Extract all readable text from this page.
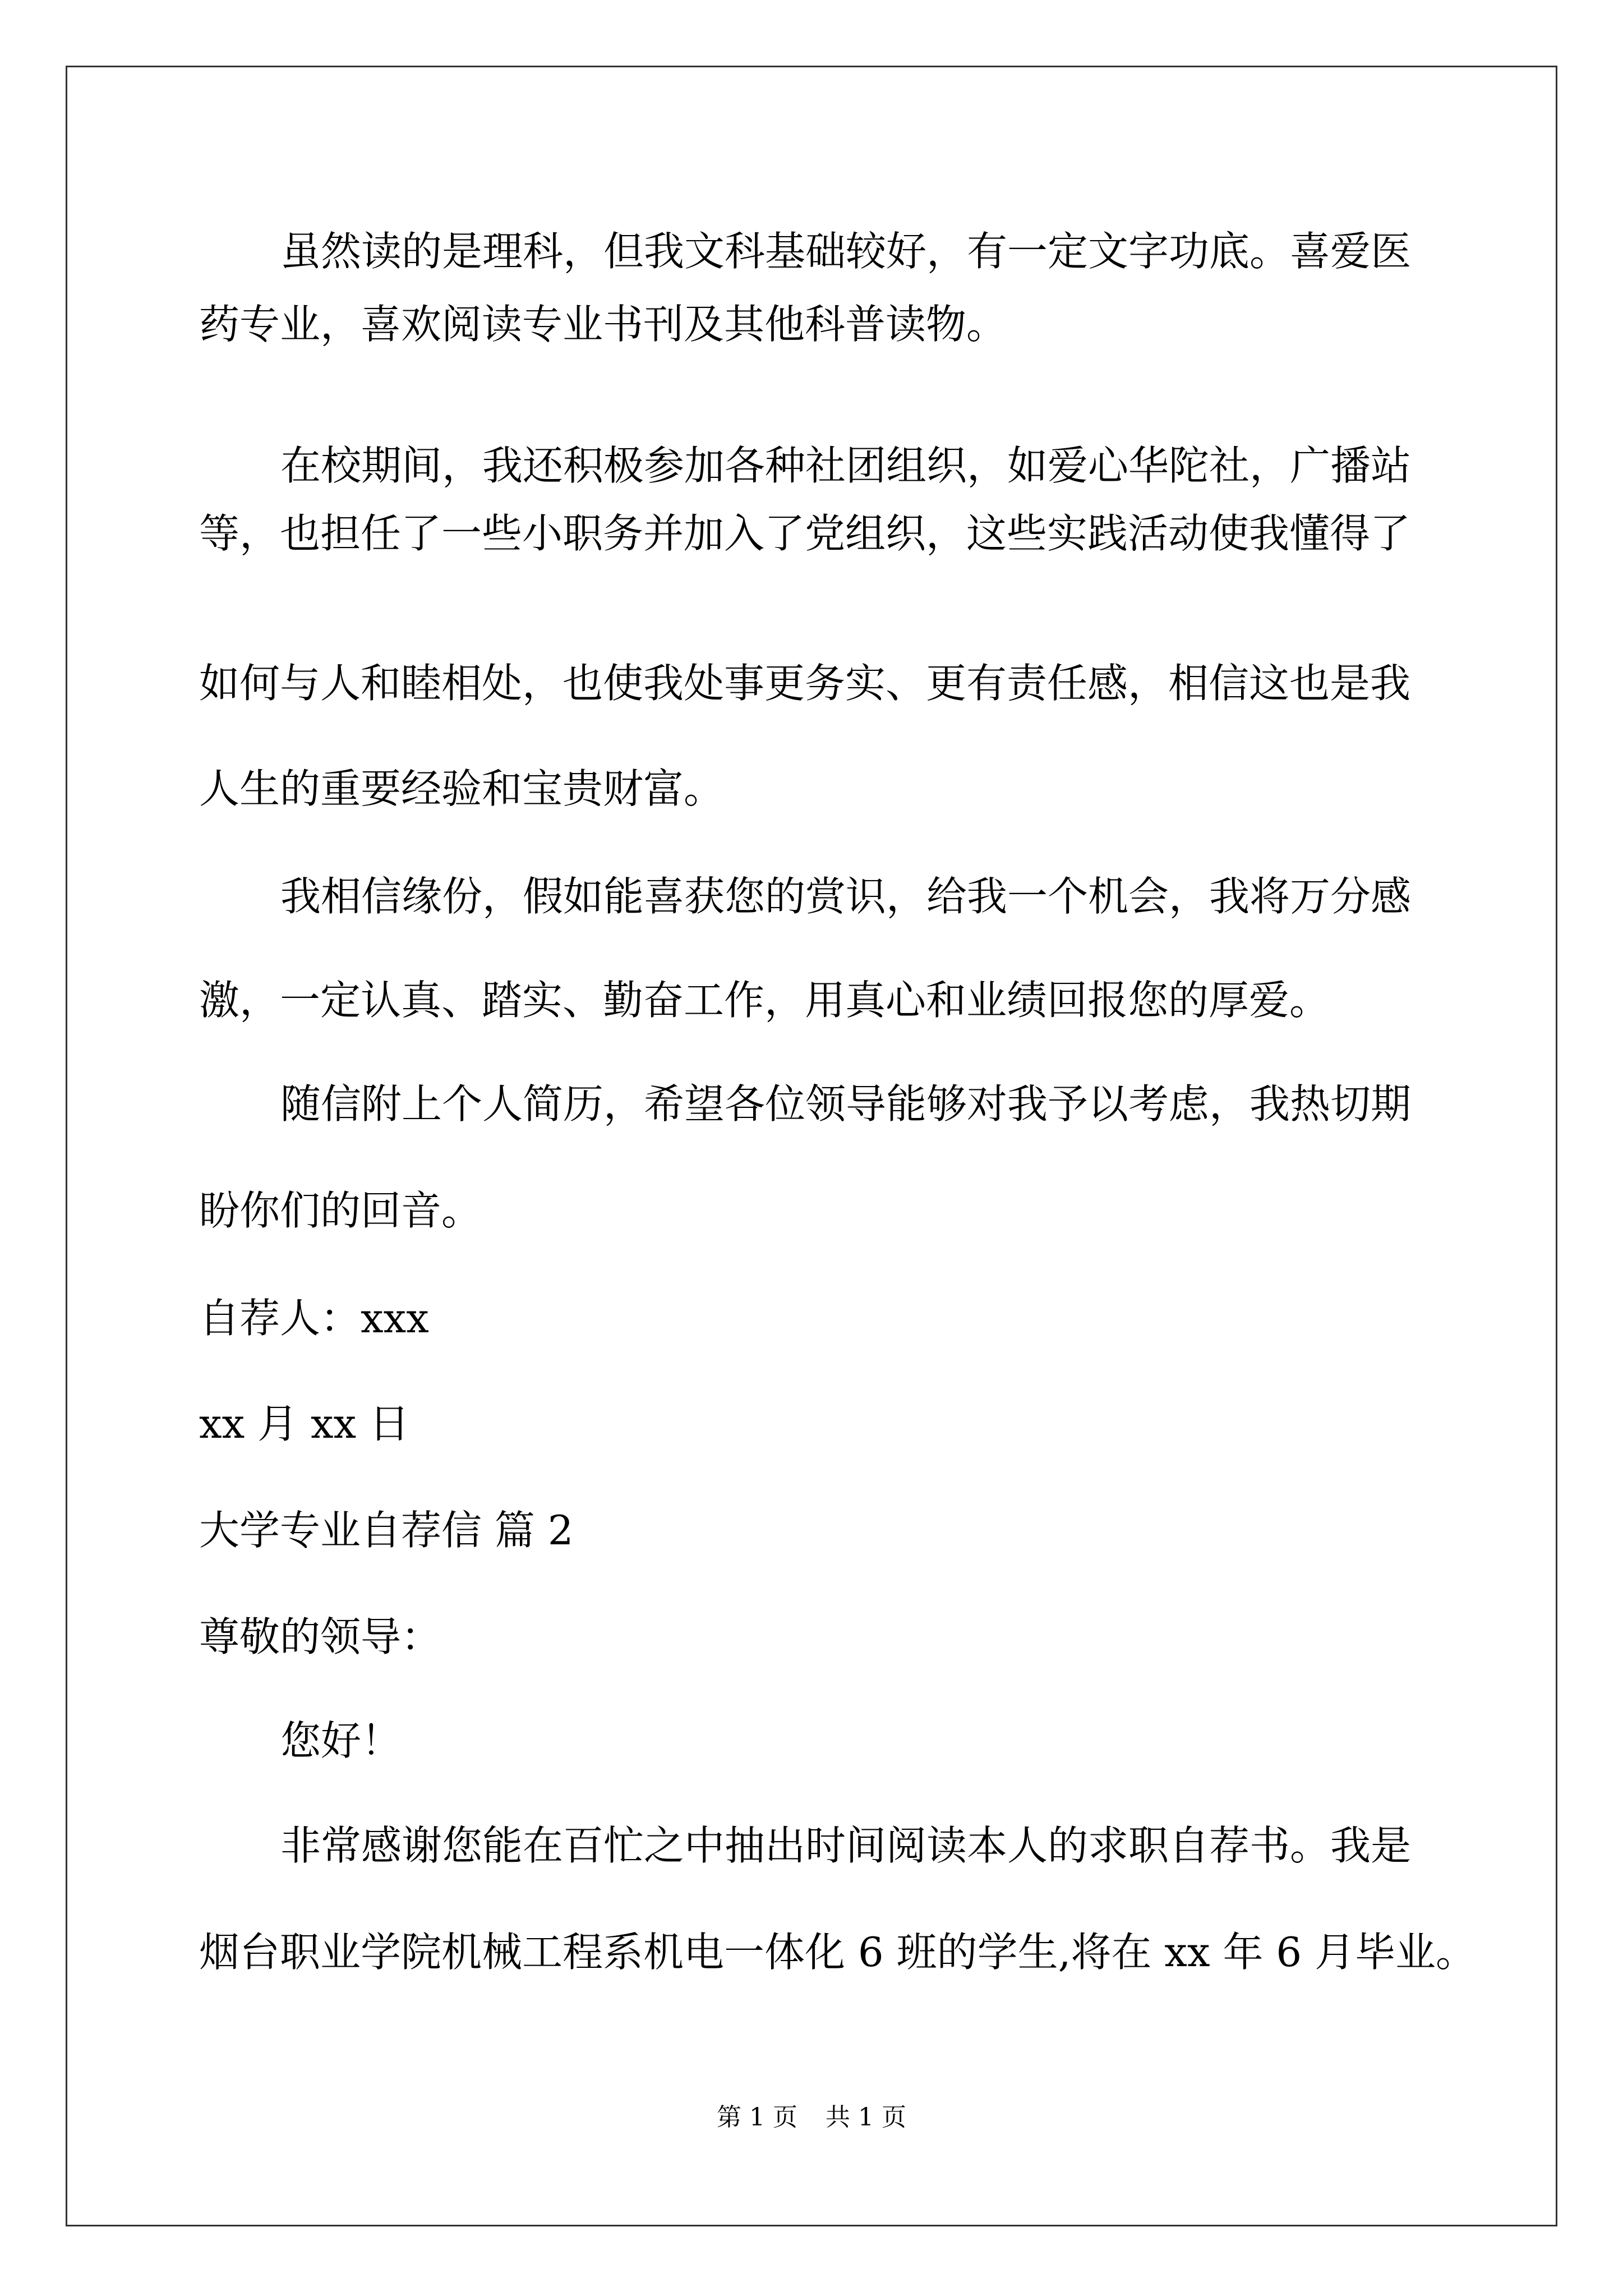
虽然读的是理科，但我文科基础较好，有一定文字功底。喜爱医
药专业，喜欢阅读专业书刊及其他科普读物。
在校期间，我还积极参加各种社团组织，如爱心华陀社，广播站
等，也担任了一些小职务并加入了党组织，这些实践活动使我懂得了
如何与人和睦相处，也使我处事更务实、更有责任感，相信这也是我
人生的重要经验和宝贵财富。
我相信缘份，假如能喜获您的赏识，给我一个机会，我将万分感
激，一定认真、踏实、勤奋工作，用真心和业绩回报您的厚爱。
随信附上个人简历，希望各位领导能够对我予以考虑，我热切期
盼你们的回音。
自荐人：xxx
xx 月 xx 日
大学专业自荐信 篇 2
尊敬的领导：
您好！
非常感谢您能在百忙之中抽出时间阅读本人的求职自荐书。我是
烟台职业学院机械工程系机电一体化 6 班的学生,将在 xx 年 6 月毕业。
第 1 页 共 1 页
